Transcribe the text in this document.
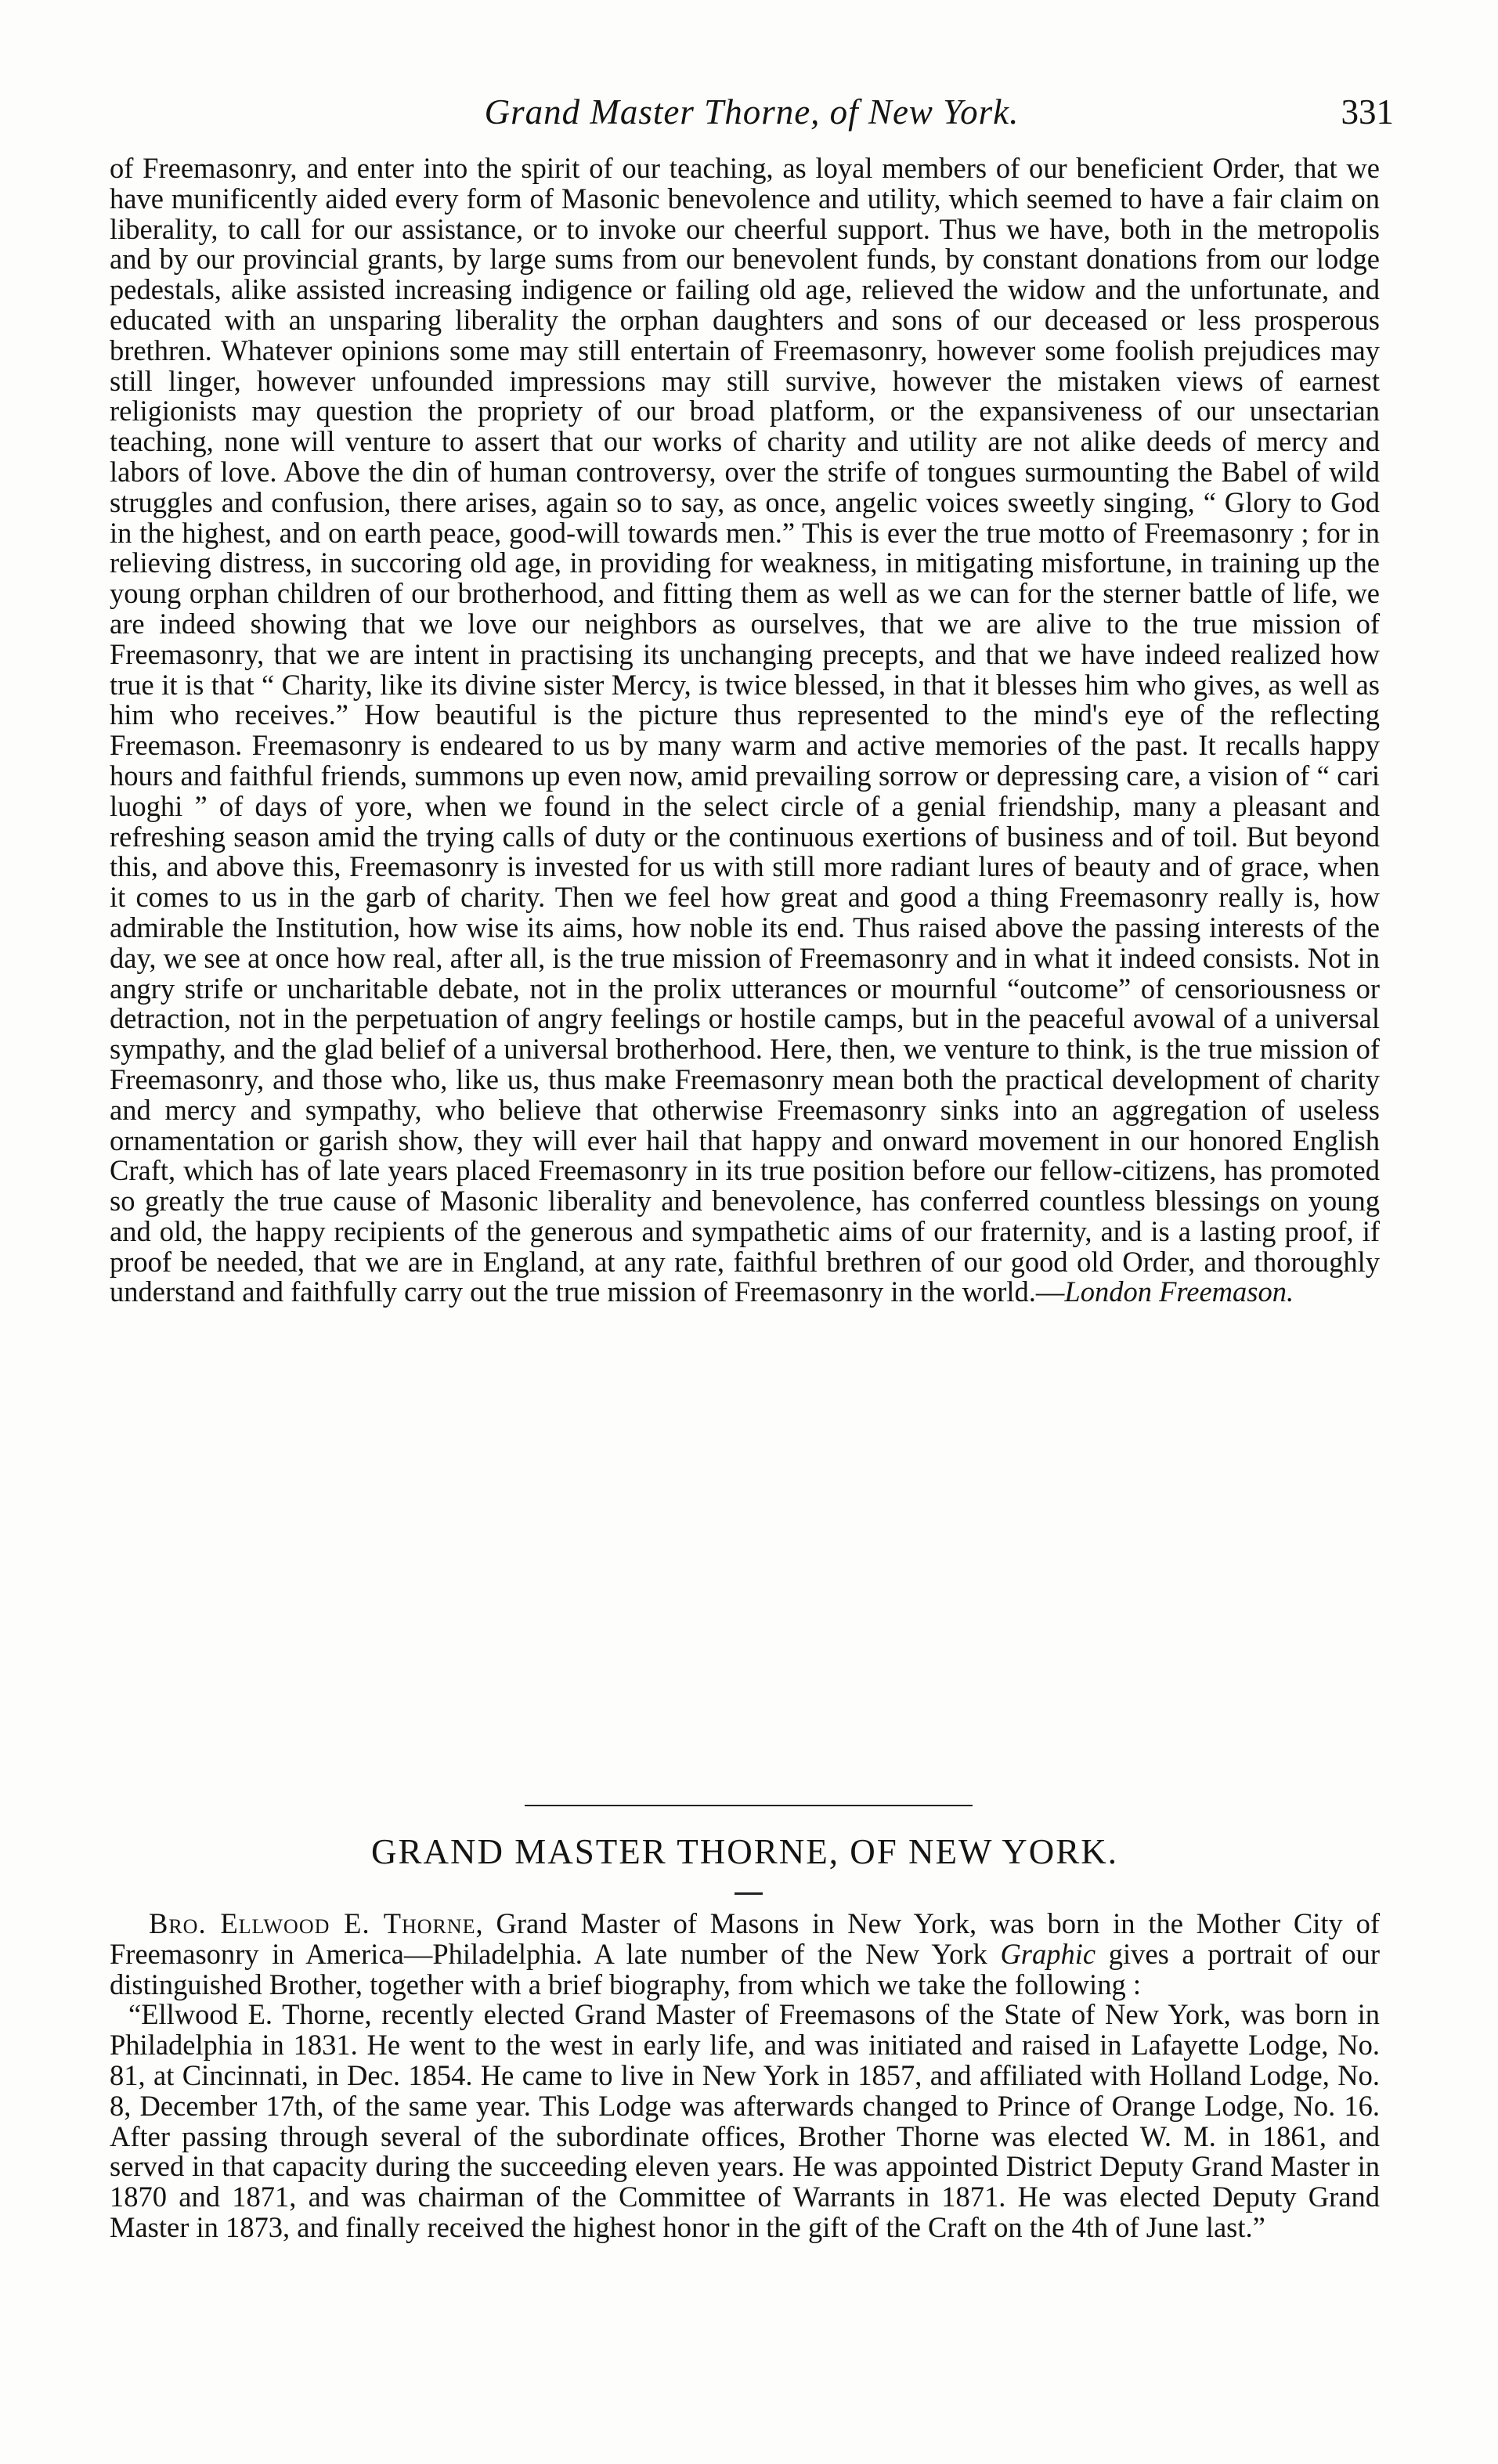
Grand Master Thorne, of New York.	331

of Freemasonry, and enter into the spirit of our teaching, as loyal members of our beneficient Order, that we have munificently aided every form of Masonic benevolence and utility, which seemed to have a fair claim on liberality, to call for our assistance, or to invoke our cheerful support. Thus we have, both in the metropolis and by our provincial grants, by large sums from our benevolent funds, by constant donations from our lodge pedestals, alike assisted increasing indigence or failing old age, relieved the widow and the unfortunate, and educated with an unsparing liberality the orphan daughters and sons of our deceased or less prosperous brethren. Whatever opinions some may still entertain of Freemasonry, however some foolish prejudices may still linger, however unfounded impressions may still survive, however the mistaken views of earnest religionists may question the propriety of our broad platform, or the expansiveness of our unsectarian teaching, none will venture to assert that our works of charity and utility are not alike deeds of mercy and labors of love. Above the din of human controversy, over the strife of tongues surmounting the Babel of wild struggles and confusion, there arises, again so to say, as once, angelic voices sweetly singing, “ Glory to God in the highest, and on earth peace, good-will towards men.” This is ever the true motto of Freemasonry ; for in relieving distress, in succoring old age, in providing for weakness, in mitigating misfortune, in training up the young orphan children of our brotherhood, and fitting them as well as we can for the sterner battle of life, we are indeed showing that we love our neighbors as ourselves, that we are alive to the true mission of Freemasonry, that we are intent in practising its unchanging precepts, and that we have indeed realized how true it is that “ Charity, like its divine sister Mercy, is twice blessed, in that it blesses him who gives, as well as him who receives.” How beautiful is the picture thus represented to the mind's eye of the reflecting Freemason. Freemasonry is endeared to us by many warm and active memories of the past. It recalls happy hours and faithful friends, summons up even now, amid prevailing sorrow or depressing care, a vision of “ cari luoghi ” of days of yore, when we found in the select circle of a genial friendship, many a pleasant and refreshing season amid the trying calls of duty or the continuous exertions of business and of toil. But beyond this, and above this, Freemasonry is invested for us with still more radiant lures of beauty and of grace, when it comes to us in the garb of charity. Then we feel how great and good a thing Freemasonry really is, how admirable the Institution, how wise its aims, how noble its end. Thus raised above the passing interests of the day, we see at once how real, after all, is the true mission of Freemasonry and in what it indeed consists. Not in angry strife or uncharitable debate, not in the prolix utterances or mournful “outcome” of censoriousness or detraction, not in the perpetuation of angry feelings or hostile camps, but in the peaceful avowal of a universal sympathy, and the glad belief of a universal brotherhood. Here, then, we venture to think, is the true mission of Freemasonry, and those who, like us, thus make Freemasonry mean both the practical development of charity and mercy and sympathy, who believe that otherwise Freemasonry sinks into an aggregation of useless ornamentation or garish show, they will ever hail that happy and onward movement in our honored English Craft, which has of late years placed Freemasonry in its true position before our fellow-citizens, has promoted so greatly the true cause of Masonic liberality and benevolence, has conferred countless blessings on young and old, the happy recipients of the generous and sympathetic aims of our fraternity, and is a lasting proof, if proof be needed, that we are in England, at any rate, faithful brethren of our good old Order, and thoroughly understand and faithfully carry out the true mission of Freemasonry in the world.—London Freemason.

GRAND MASTER THORNE, OF NEW YORK.

Bro. Ellwood E. Thorne, Grand Master of Masons in New York, was born in the Mother City of Freemasonry in America—Philadelphia. A late number of the New York Graphic gives a portrait of our distinguished Brother, together with a brief biography, from which we take the following :

“Ellwood E. Thorne, recently elected Grand Master of Freemasons of the State of New York, was born in Philadelphia in 1831. He went to the west in early life, and was initiated and raised in Lafayette Lodge, No. 81, at Cincinnati, in Dec. 1854. He came to live in New York in 1857, and affiliated with Holland Lodge, No. 8, December 17th, of the same year. This Lodge was afterwards changed to Prince of Orange Lodge, No. 16. After passing through several of the subordinate offices, Brother Thorne was elected W. M. in 1861, and served in that capacity during the succeeding eleven years. He was appointed District Deputy Grand Master in 1870 and 1871, and was chairman of the Committee of Warrants in 1871. He was elected Deputy Grand Master in 1873, and finally received the highest honor in the gift of the Craft on the 4th of June last.”
